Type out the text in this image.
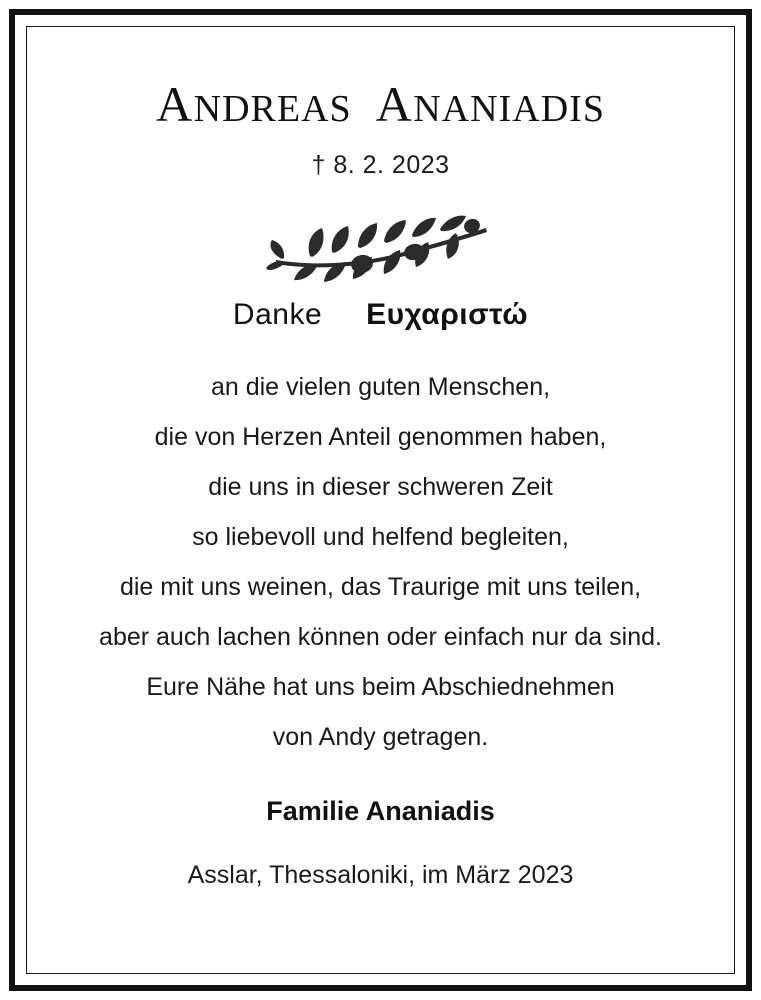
ANDREAS ANANIADIS
† 8. 2. 2023
Danke Ευχαριστώ
an die vielen guten Menschen,
die von Herzen Anteil genommen haben,
die uns in dieser schweren Zeit
so liebevoll und helfend begleiten,
die mit uns weinen, das Traurige mit uns teilen,
aber auch lachen können oder einfach nur da sind.
Eure Nähe hat uns beim Abschiednehmen
von Andy getragen.
Familie Ananiadis
Asslar, Thessaloniki, im März 2023
